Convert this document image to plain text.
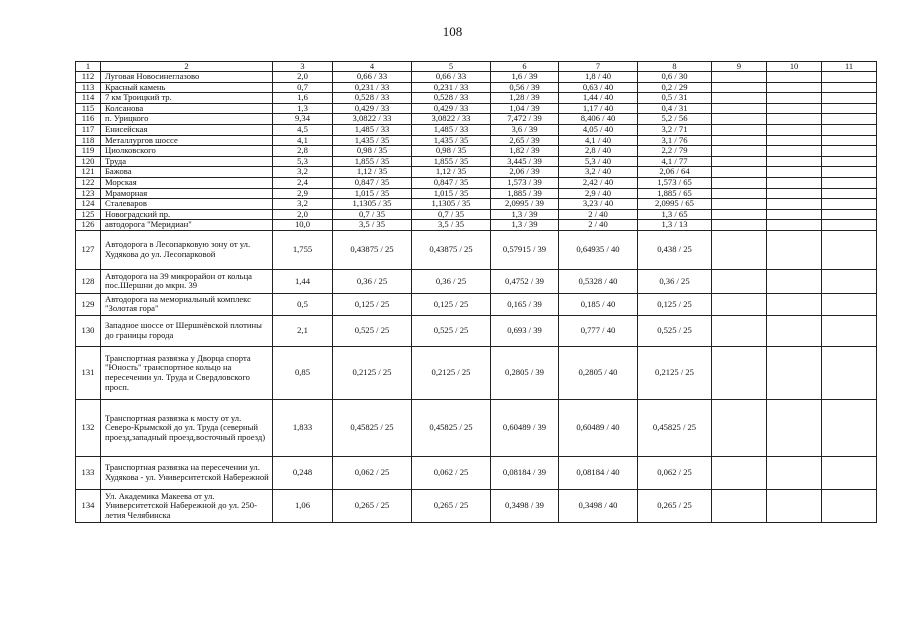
108
1	2	3	4	5	6	7	8	9	10	11
112	Луговая Новосинеглазово	2,0	0,66 / 33	0,66 / 33	1,6 / 39	1,8 / 40	0,6 / 30			
113	Красный камень	0,7	0,231 / 33	0,231 / 33	0,56 / 39	0,63 / 40	0,2 / 29			
114	7 км Троицкий тр.	1,6	0,528 / 33	0,528 / 33	1,28 / 39	1,44 / 40	0,5 / 31			
115	Колсанова	1,3	0,429 / 33	0,429 / 33	1,04 / 39	1,17 / 40	0,4 / 31			
116	п. Урицкого	9,34	3,0822 / 33	3,0822 / 33	7,472 / 39	8,406 / 40	5,2 / 56			
117	Енисейская	4,5	1,485 / 33	1,485 / 33	3,6 / 39	4,05 / 40	3,2 / 71			
118	Металлургов шоссе	4,1	1,435 / 35	1,435 / 35	2,65 / 39	4,1 / 40	3,1 / 76			
119	Циолковского	2,8	0,98 / 35	0,98 / 35	1,82 / 39	2,8 / 40	2,2 / 79			
120	Труда	5,3	1,855 / 35	1,855 / 35	3,445 / 39	5,3 / 40	4,1 / 77			
121	Бажова	3,2	1,12 / 35	1,12 / 35	2,06 / 39	3,2 / 40	2,06 / 64			
122	Морская	2,4	0,847 / 35	0,847 / 35	1,573 / 39	2,42 / 40	1,573 / 65			
123	Мраморная	2,9	1,015 / 35	1,015 / 35	1,885 / 39	2,9 / 40	1,885 / 65			
124	Сталеваров	3,2	1,1305 / 35	1,1305 / 35	2,0995 / 39	3,23 / 40	2,0995 / 65			
125	Новоградский пр.	2,0	0,7 / 35	0,7 / 35	1,3 / 39	2 / 40	1,3 / 65			
126	автодорога "Меридиан"	10,0	3,5 / 35	3,5 / 35	1,3 / 39	2 / 40	1,3 / 13			
127	Автодорога в Лесопарковую зону от ул. Худякова до ул. Лесопарковой	1,755	0,43875 / 25	0,43875 / 25	0,57915 / 39	0,64935 / 40	0,438 / 25			
128	Автодорога на 39 микрорайон от кольца пос.Шершни до мкрн. 39	1,44	0,36 / 25	0,36 / 25	0,4752 / 39	0,5328 / 40	0,36 / 25			
129	Автодорога на мемориальный комплекс "Золотая гора"	0,5	0,125 / 25	0,125 / 25	0,165 / 39	0,185 / 40	0,125 / 25			
130	Западное шоссе от Шершнёвской плотины до границы города	2,1	0,525 / 25	0,525 / 25	0,693 / 39	0,777 / 40	0,525 / 25			
131	Транспортная развязка у Дворца спорта "Юность" транспортное кольцо на пересечении ул. Труда и Свердловского просп.	0,85	0,2125 / 25	0,2125 / 25	0,2805 / 39	0,2805 / 40	0,2125 / 25			
132	Транспортная развязка к мосту от ул. Северо-Крымской до ул. Труда (северный проезд,западный проезд,восточный проезд)	1,833	0,45825 / 25	0,45825 / 25	0,60489 / 39	0,60489 / 40	0,45825 / 25			
133	Транспортная развязка на пересечении ул. Худякова - ул. Университетской Набережной	0,248	0,062 / 25	0,062 / 25	0,08184 / 39	0,08184 / 40	0,062 / 25			
134	Ул. Академика Макеева от ул. Университетской Набережной до ул. 250-летия Челябинска	1,06	0,265 / 25	0,265 / 25	0,3498 / 39	0,3498 / 40	0,265 / 25			
